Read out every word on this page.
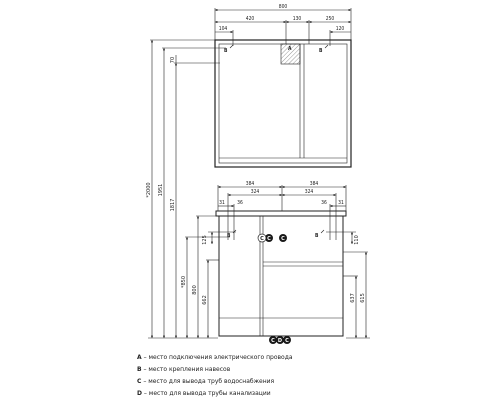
B	B
A
B	B
C C
C
C D C
800
420	130	250
104	120
384	384
324	324
31 36	36 31
125	110
*2000 1951
1817
*850
800
662	637 615
70
A – место подключения электрического провода
B – место крепления навесов
C – место для вывода труб водоснабжения
D – место для вывода трубы канализации
